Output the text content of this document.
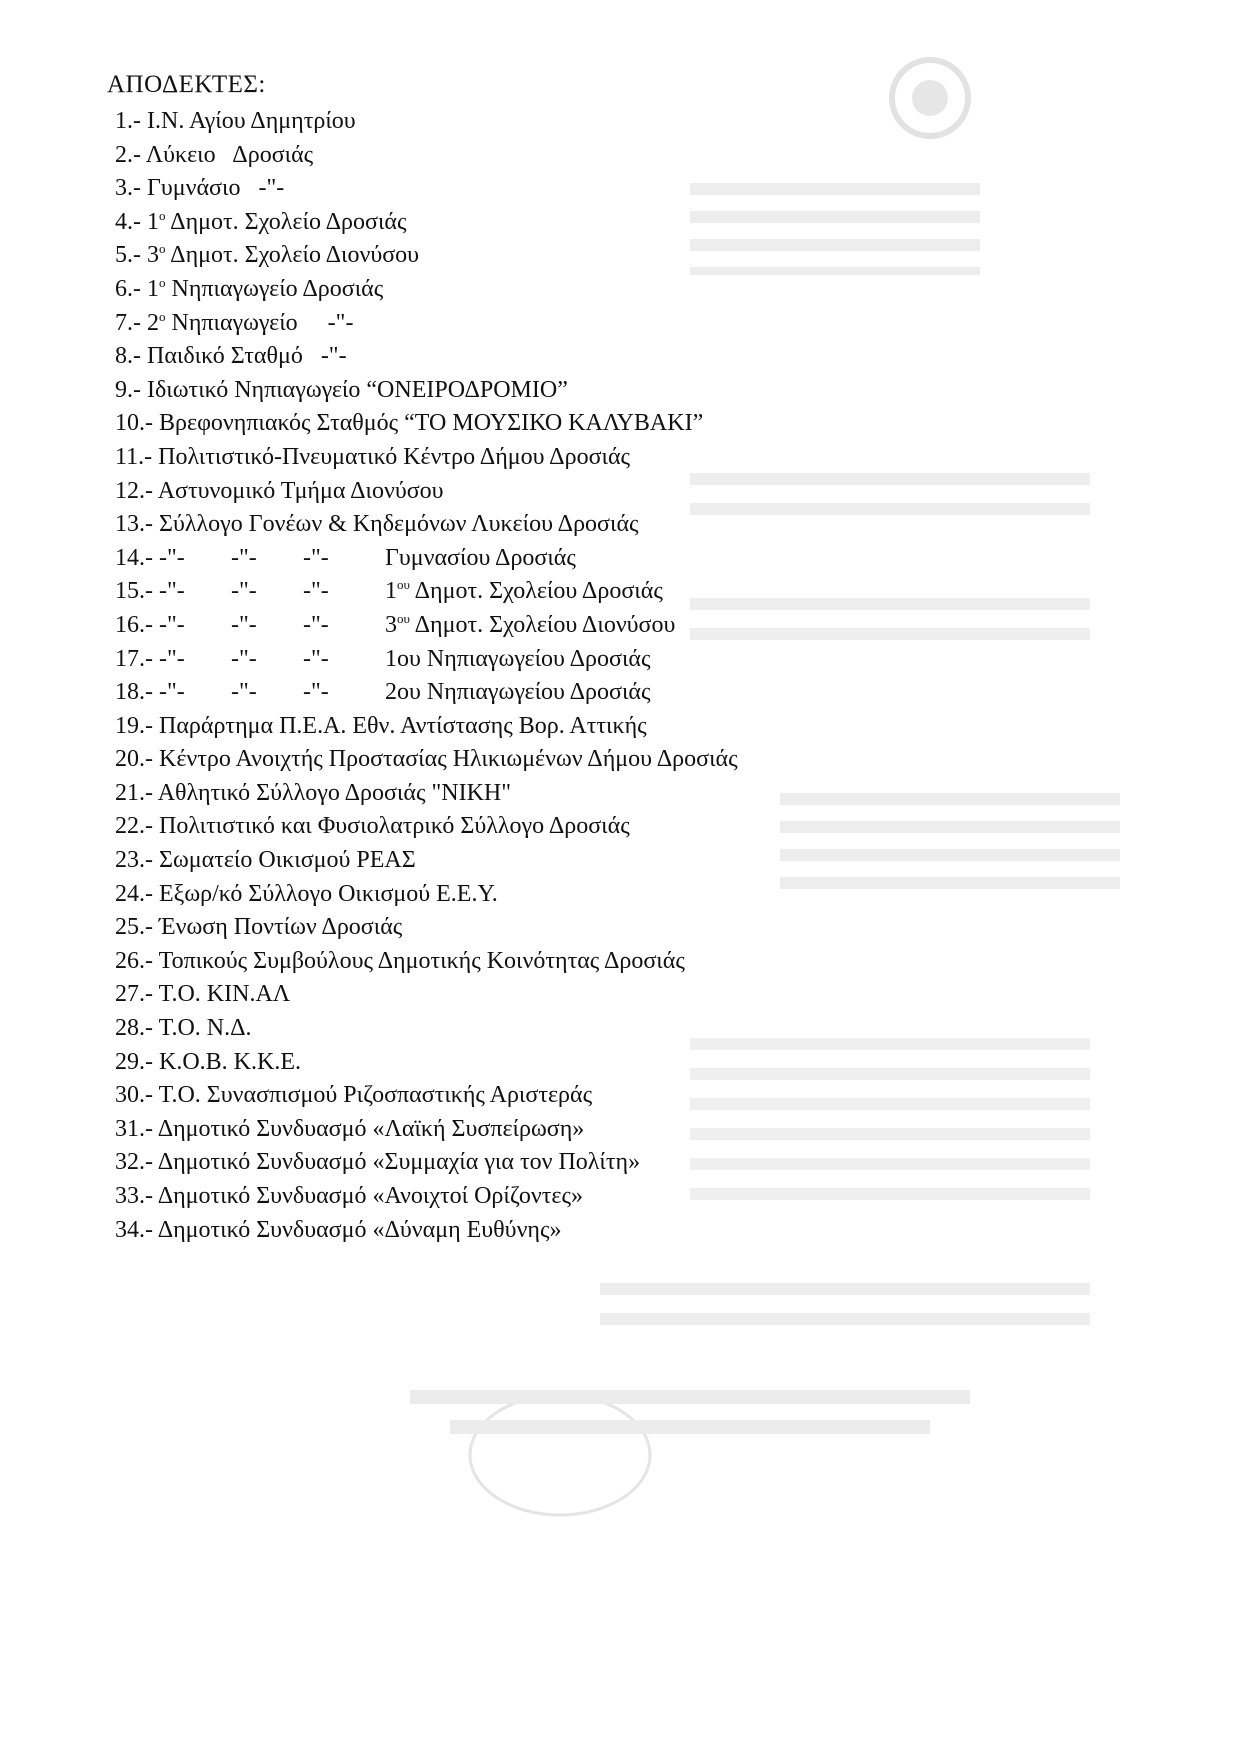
ΑΠΟΔΕΚΤΕΣ:
1.- Ι.Ν. Αγίου Δημητρίου
2.- Λύκειο   Δροσιάς
3.- Γυμνάσιο   -"-
4.- $1^o$ Δημοτ. Σχολείο Δροσιάς
5.- $3^o$ Δημοτ. Σχολείο Διονύσου
6.- $1^o$ Νηπιαγωγείο Δροσιάς
7.- $2^o$ Νηπιαγωγείο     -"-
8.- Παιδικό Σταθμό   -"-
9.- Ιδιωτικό Νηπιαγωγείο “ΟΝΕΙΡΟΔΡΟΜΙΟ”
10.- Βρεφονηπιακός Σταθμός “ΤΟ ΜΟΥΣΙΚΟ ΚΑΛΥΒΑΚΙ”
11.- Πολιτιστικό-Πνευματικό Κέντρο Δήμου Δροσιάς
12.- Αστυνομικό Τμήμα Διονύσου
13.- Σύλλογο Γονέων & Κηδεμόνων Λυκείου Δροσιάς
14.- -"- -"- -"- Γυμνασίου Δροσιάς
15.- -"- -"- -"- $1^{o\upsilon}$ Δημοτ. Σχολείου Δροσιάς
16.- -"- -"- -"- $3^{o\upsilon}$ Δημοτ. Σχολείου Διονύσου
17.- -"- -"- -"- 1ου Νηπιαγωγείου Δροσιάς
18.- -"- -"- -"- 2ου Νηπιαγωγείου Δροσιάς
19.- Παράρτημα Π.Ε.Α. Εθν. Αντίστασης Βορ. Αττικής
20.- Κέντρο Ανοιχτής Προστασίας Ηλικιωμένων Δήμου Δροσιάς
21.- Αθλητικό Σύλλογο Δροσιάς "ΝΙΚΗ"
22.- Πολιτιστικό και Φυσιολατρικό Σύλλογο Δροσιάς
23.- Σωματείο Οικισμού ΡΕΑΣ
24.- Εξωρ/κό Σύλλογο Οικισμού Ε.Ε.Υ.
25.- Ένωση Ποντίων Δροσιάς
26.- Τοπικούς Συμβούλους Δημοτικής Κοινότητας Δροσιάς
27.- Τ.Ο. ΚΙΝ.ΑΛ
28.- Τ.Ο. Ν.Δ.
29.- Κ.Ο.Β. Κ.Κ.Ε.
30.- Τ.Ο. Συνασπισμού Ριζοσπαστικής Αριστεράς
31.- Δημοτικό Συνδυασμό «Λαϊκή Συσπείρωση»
32.- Δημοτικό Συνδυασμό «Συμμαχία για τον Πολίτη»
33.- Δημοτικό Συνδυασμό «Ανοιχτοί Ορίζοντες»
34.- Δημοτικό Συνδυασμό «Δύναμη Ευθύνης»
